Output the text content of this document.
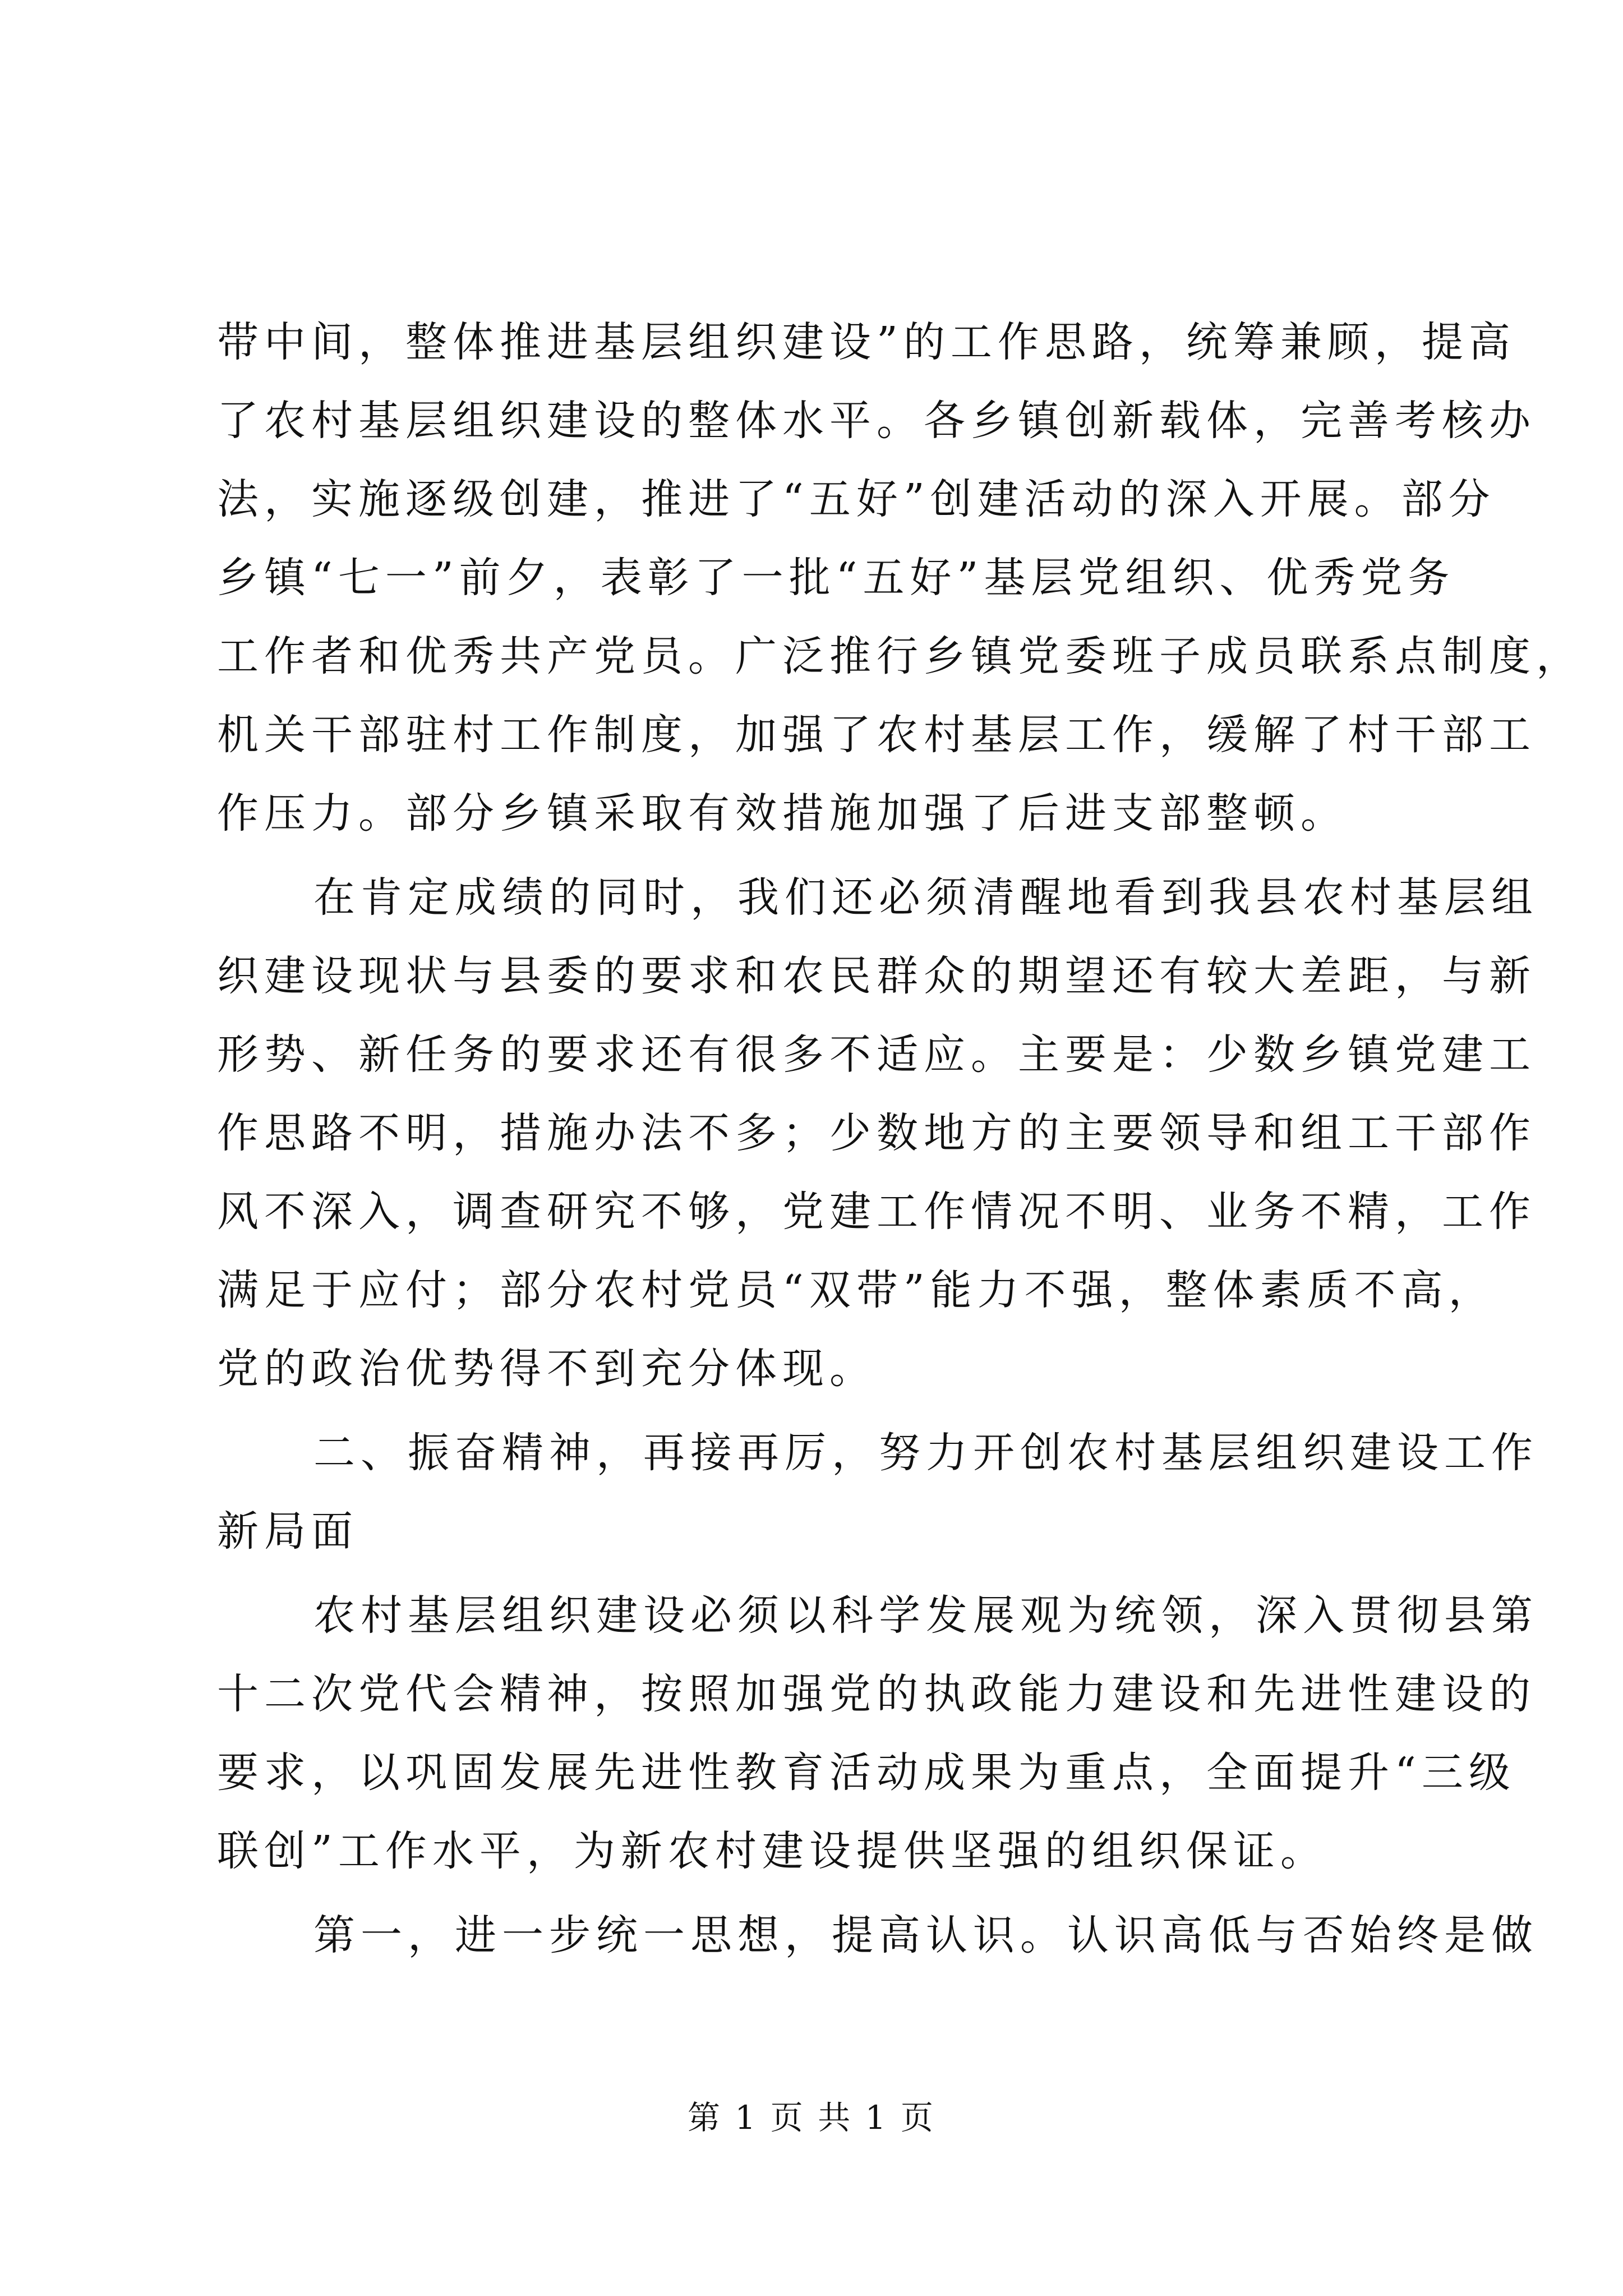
带中间，整体推进基层组织建设”的工作思路，统筹兼顾，提高
了农村基层组织建设的整体水平。各乡镇创新载体，完善考核办
法，实施逐级创建，推进了“五好”创建活动的深入开展。部分
乡镇“七一”前夕，表彰了一批“五好”基层党组织、优秀党务
工作者和优秀共产党员。广泛推行乡镇党委班子成员联系点制度，
机关干部驻村工作制度，加强了农村基层工作，缓解了村干部工
作压力。部分乡镇采取有效措施加强了后进支部整顿。
在肯定成绩的同时，我们还必须清醒地看到我县农村基层组
织建设现状与县委的要求和农民群众的期望还有较大差距，与新
形势、新任务的要求还有很多不适应。主要是：少数乡镇党建工
作思路不明，措施办法不多；少数地方的主要领导和组工干部作
风不深入，调查研究不够，党建工作情况不明、业务不精，工作
满足于应付；部分农村党员“双带”能力不强，整体素质不高，
党的政治优势得不到充分体现。
二、振奋精神，再接再厉，努力开创农村基层组织建设工作
新局面
农村基层组织建设必须以科学发展观为统领，深入贯彻县第
十二次党代会精神，按照加强党的执政能力建设和先进性建设的
要求，以巩固发展先进性教育活动成果为重点，全面提升“三级
联创”工作水平，为新农村建设提供坚强的组织保证。
第一，进一步统一思想，提高认识。认识高低与否始终是做
第 1 页 共 1 页
